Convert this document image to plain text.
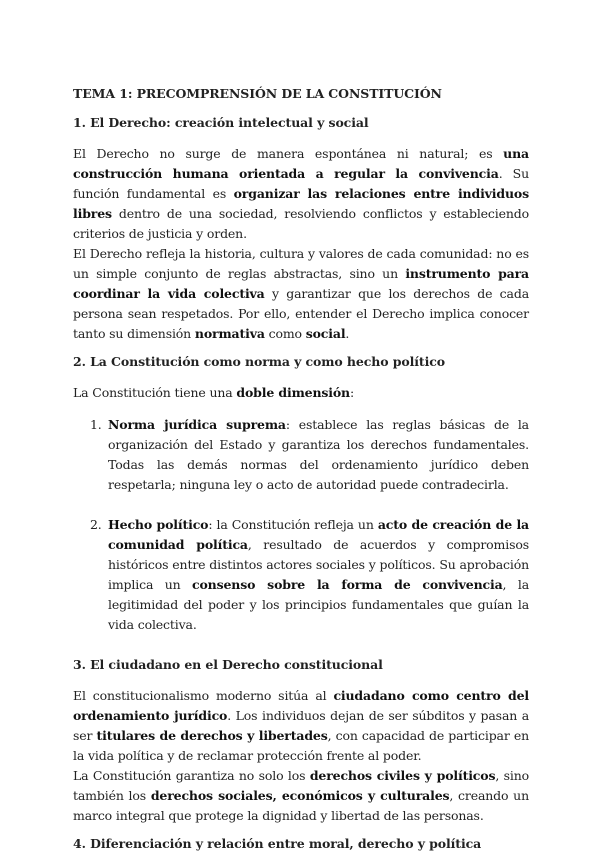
TEMA 1: PRECOMPRENSIÓN DE LA CONSTITUCIÓN
1. El Derecho: creación intelectual y social

El Derecho no surge de manera espontánea ni natural; es una construcción humana orientada a regular la convivencia. Su función fundamental es organizar las relaciones entre individuos libres dentro de una sociedad, resolviendo conflictos y estableciendo criterios de justicia y orden.

El Derecho refleja la historia, cultura y valores de cada comunidad: no es un simple conjunto de reglas abstractas, sino un instrumento para coordinar la vida colectiva y garantizar que los derechos de cada persona sean respetados. Por ello, entender el Derecho implica conocer tanto su dimensión normativa como social.

2. La Constitución como norma y como hecho político

La Constitución tiene una doble dimensión:

1. Norma jurídica suprema: establece las reglas básicas de la organización del Estado y garantiza los derechos fundamentales. Todas las demás normas del ordenamiento jurídico deben respetarla; ninguna ley o acto de autoridad puede contradecirla.
2. Hecho político: la Constitución refleja un acto de creación de la comunidad política, resultado de acuerdos y compromisos históricos entre distintos actores sociales y políticos. Su aprobación implica un consenso sobre la forma de convivencia, la legitimidad del poder y los principios fundamentales que guían la vida colectiva.
3. El ciudadano en el Derecho constitucional

El constitucionalismo moderno sitúa al ciudadano como centro del ordenamiento jurídico. Los individuos dejan de ser súbditos y pasan a ser titulares de derechos y libertades, con capacidad de participar en la vida política y de reclamar protección frente al poder.

La Constitución garantiza no solo los derechos civiles y políticos, sino también los derechos sociales, económicos y culturales, creando un marco integral que protege la dignidad y libertad de las personas.

4. Diferenciación y relación entre moral, derecho y política
